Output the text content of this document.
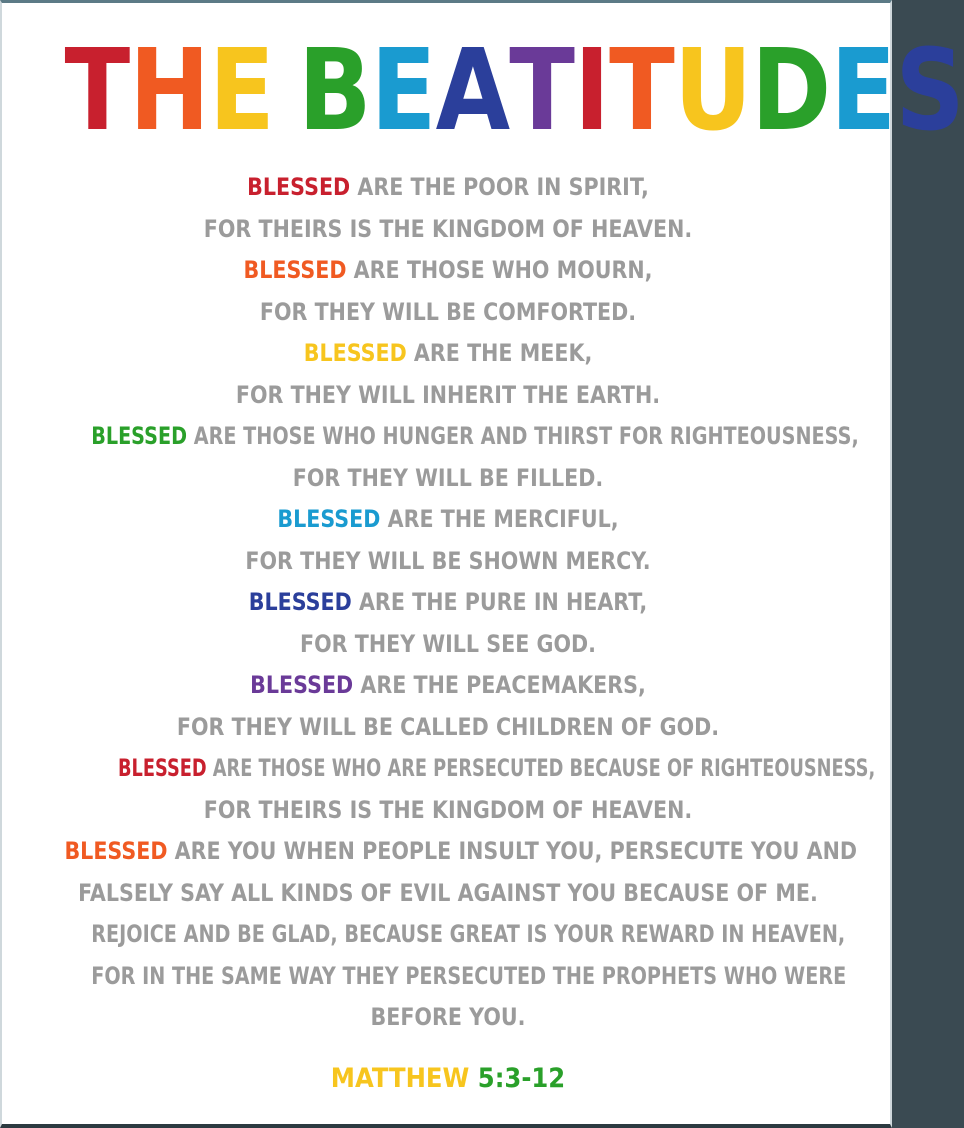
THE BEATITUDES
BLESSED ARE THE POOR IN SPIRIT,
FOR THEIRS IS THE KINGDOM OF HEAVEN.
BLESSED ARE THOSE WHO MOURN,
FOR THEY WILL BE COMFORTED.
BLESSED ARE THE MEEK,
FOR THEY WILL INHERIT THE EARTH.
BLESSED ARE THOSE WHO HUNGER AND THIRST FOR RIGHTEOUSNESS,
FOR THEY WILL BE FILLED.
BLESSED ARE THE MERCIFUL,
FOR THEY WILL BE SHOWN MERCY.
BLESSED ARE THE PURE IN HEART,
FOR THEY WILL SEE GOD.
BLESSED ARE THE PEACEMAKERS,
FOR THEY WILL BE CALLED CHILDREN OF GOD.
BLESSED ARE THOSE WHO ARE PERSECUTED BECAUSE OF RIGHTEOUSNESS,
FOR THEIRS IS THE KINGDOM OF HEAVEN.
BLESSED ARE YOU WHEN PEOPLE INSULT YOU, PERSECUTE YOU AND
FALSELY SAY ALL KINDS OF EVIL AGAINST YOU BECAUSE OF ME.
REJOICE AND BE GLAD, BECAUSE GREAT IS YOUR REWARD IN HEAVEN,
FOR IN THE SAME WAY THEY PERSECUTED THE PROPHETS WHO WERE
BEFORE YOU.
MATTHEW 5:3-12
